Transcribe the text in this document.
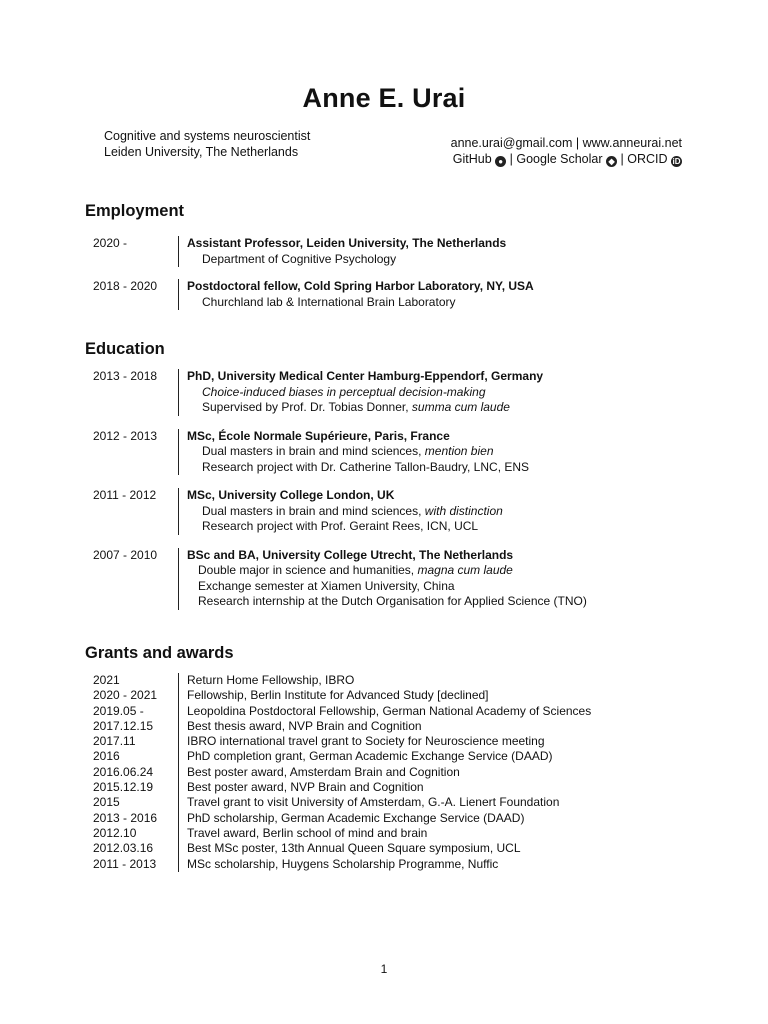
Anne E. Urai
Cognitive and systems neuroscientist
Leiden University, The Netherlands
anne.urai@gmail.com | www.anneurai.net
GitHub ● | Google Scholar ◆ | ORCID iD
Employment
2020 -	Assistant Professor, Leiden University, The Netherlands
Department of Cognitive Psychology
2018 - 2020	Postdoctoral fellow, Cold Spring Harbor Laboratory, NY, USA
Churchland lab & International Brain Laboratory
Education
2013 - 2018	PhD, University Medical Center Hamburg-Eppendorf, Germany
Choice-induced biases in perceptual decision-making
Supervised by Prof. Dr. Tobias Donner, summa cum laude
2012 - 2013	MSc, École Normale Supérieure, Paris, France
Dual masters in brain and mind sciences, mention bien
Research project with Dr. Catherine Tallon-Baudry, LNC, ENS
2011 - 2012	MSc, University College London, UK
Dual masters in brain and mind sciences, with distinction
Research project with Prof. Geraint Rees, ICN, UCL
2007 - 2010	BSc and BA, University College Utrecht, The Netherlands
Double major in science and humanities, magna cum laude
Exchange semester at Xiamen University, China
Research internship at the Dutch Organisation for Applied Science (TNO)
Grants and awards
2021	Return Home Fellowship, IBRO
2020 - 2021	Fellowship, Berlin Institute for Advanced Study [declined]
2019.05 -	Leopoldina Postdoctoral Fellowship, German National Academy of Sciences
2017.12.15	Best thesis award, NVP Brain and Cognition
2017.11	IBRO international travel grant to Society for Neuroscience meeting
2016	PhD completion grant, German Academic Exchange Service (DAAD)
2016.06.24	Best poster award, Amsterdam Brain and Cognition
2015.12.19	Best poster award, NVP Brain and Cognition
2015	Travel grant to visit University of Amsterdam, G.-A. Lienert Foundation
2013 - 2016	PhD scholarship, German Academic Exchange Service (DAAD)
2012.10	Travel award, Berlin school of mind and brain
2012.03.16	Best MSc poster, 13th Annual Queen Square symposium, UCL
2011 - 2013	MSc scholarship, Huygens Scholarship Programme, Nuffic
1
